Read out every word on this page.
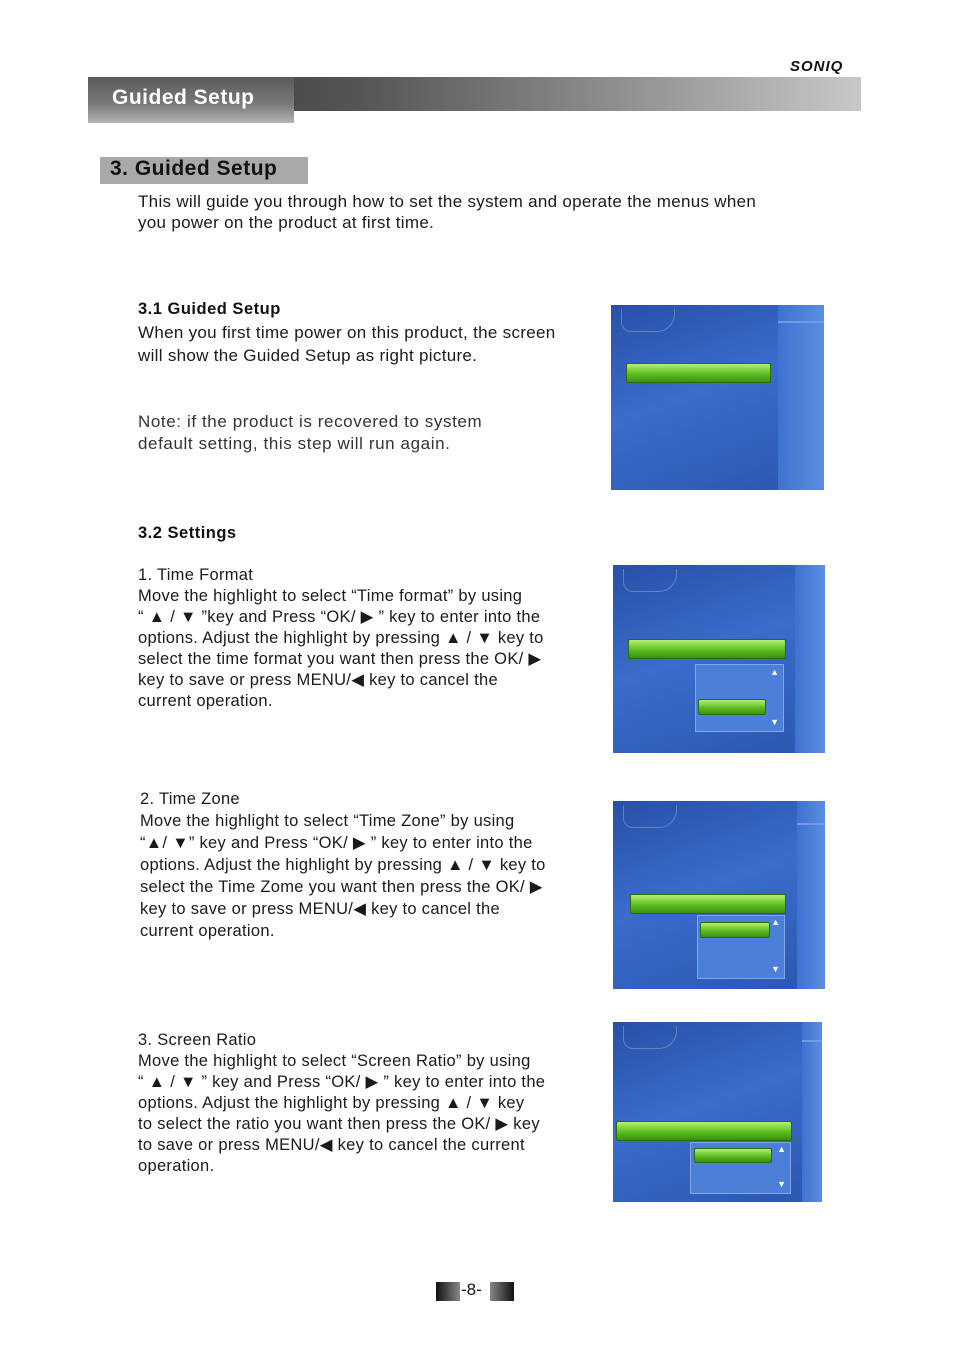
SONIQ
Guided Setup
3. Guided Setup
This will guide you through how to set the system and operate the menus when
you power on the product at first time.
3.1 Guided Setup
When you first time power on this product, the screen
will show the Guided Setup as right picture.
Note: if the product is recovered to system
default setting, this step will run again.
3.2 Settings
1. Time Format
Move the highlight to select “Time format” by using
“ ▲ / ▼ ”key and Press “OK/ ▶ ” key to enter into the
options. Adjust the highlight by pressing ▲ / ▼ key to
select the time format you want then press the OK/ ▶
key to save or press MENU/◀ key to cancel the
current operation.
▲
▼
2. Time Zone
Move the highlight to select “Time Zone” by using
“▲/ ▼” key and Press “OK/ ▶ ” key to enter into the
options. Adjust the highlight by pressing ▲ / ▼ key to
select the Time Zome you want then press the OK/ ▶
key to save or press MENU/◀ key to cancel the
current operation.	▲
▼
3. Screen Ratio
Move the highlight to select “Screen Ratio” by using
“ ▲ / ▼ ” key and Press “OK/ ▶ ” key to enter into the
options. Adjust the highlight by pressing ▲ / ▼ key
to select the ratio you want then press the OK/ ▶ key
to save or press MENU/◀ key to cancel the current
operation.
▲
▼
-8-
